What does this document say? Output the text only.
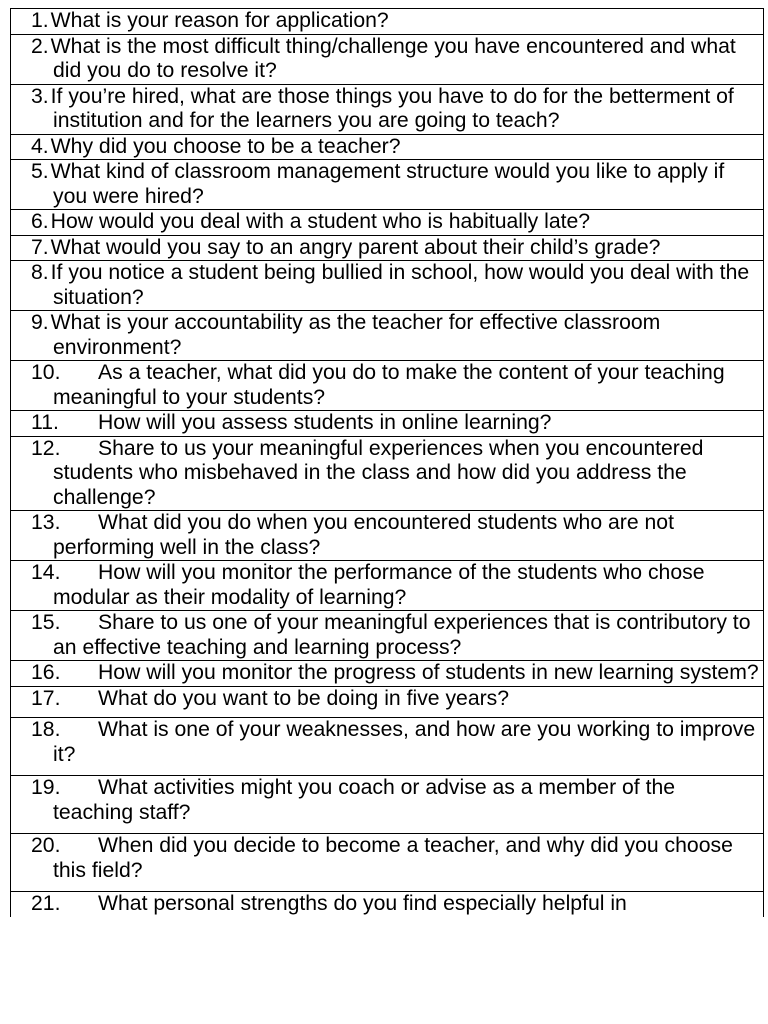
1.What is your reason for application?

2.What is the most difficult thing/challenge you have encountered and what did you do to resolve it?

3.If you’re hired, what are those things you have to do for the betterment of institution and for the learners you are going to teach?

4.Why did you choose to be a teacher?

5.What kind of classroom management structure would you like to apply if you were hired?

6.How would you deal with a student who is habitually late?

7.What would you say to an angry parent about their child’s grade?

8.If you notice a student being bullied in school, how would you deal with the situation?

9.What is your accountability as the teacher for effective classroom environment?

10. As a teacher, what did you do to make the content of your teaching meaningful to your students?

11. How will you assess students in online learning?

12. Share to us your meaningful experiences when you encountered students who misbehaved in the class and how did you address the challenge?

13. What did you do when you encountered students who are not performing well in the class?

14. How will you monitor the performance of the students who chose modular as their modality of learning?

15. Share to us one of your meaningful experiences that is contributory to an effective teaching and learning process?

16. How will you monitor the progress of students in new learning system?

17. What do you want to be doing in five years?

18. What is one of your weaknesses, and how are you working to improve it?

19. What activities might you coach or advise as a member of the teaching staff?

20. When did you decide to become a teacher, and why did you choose this field?

21. What personal strengths do you find especially helpful in
